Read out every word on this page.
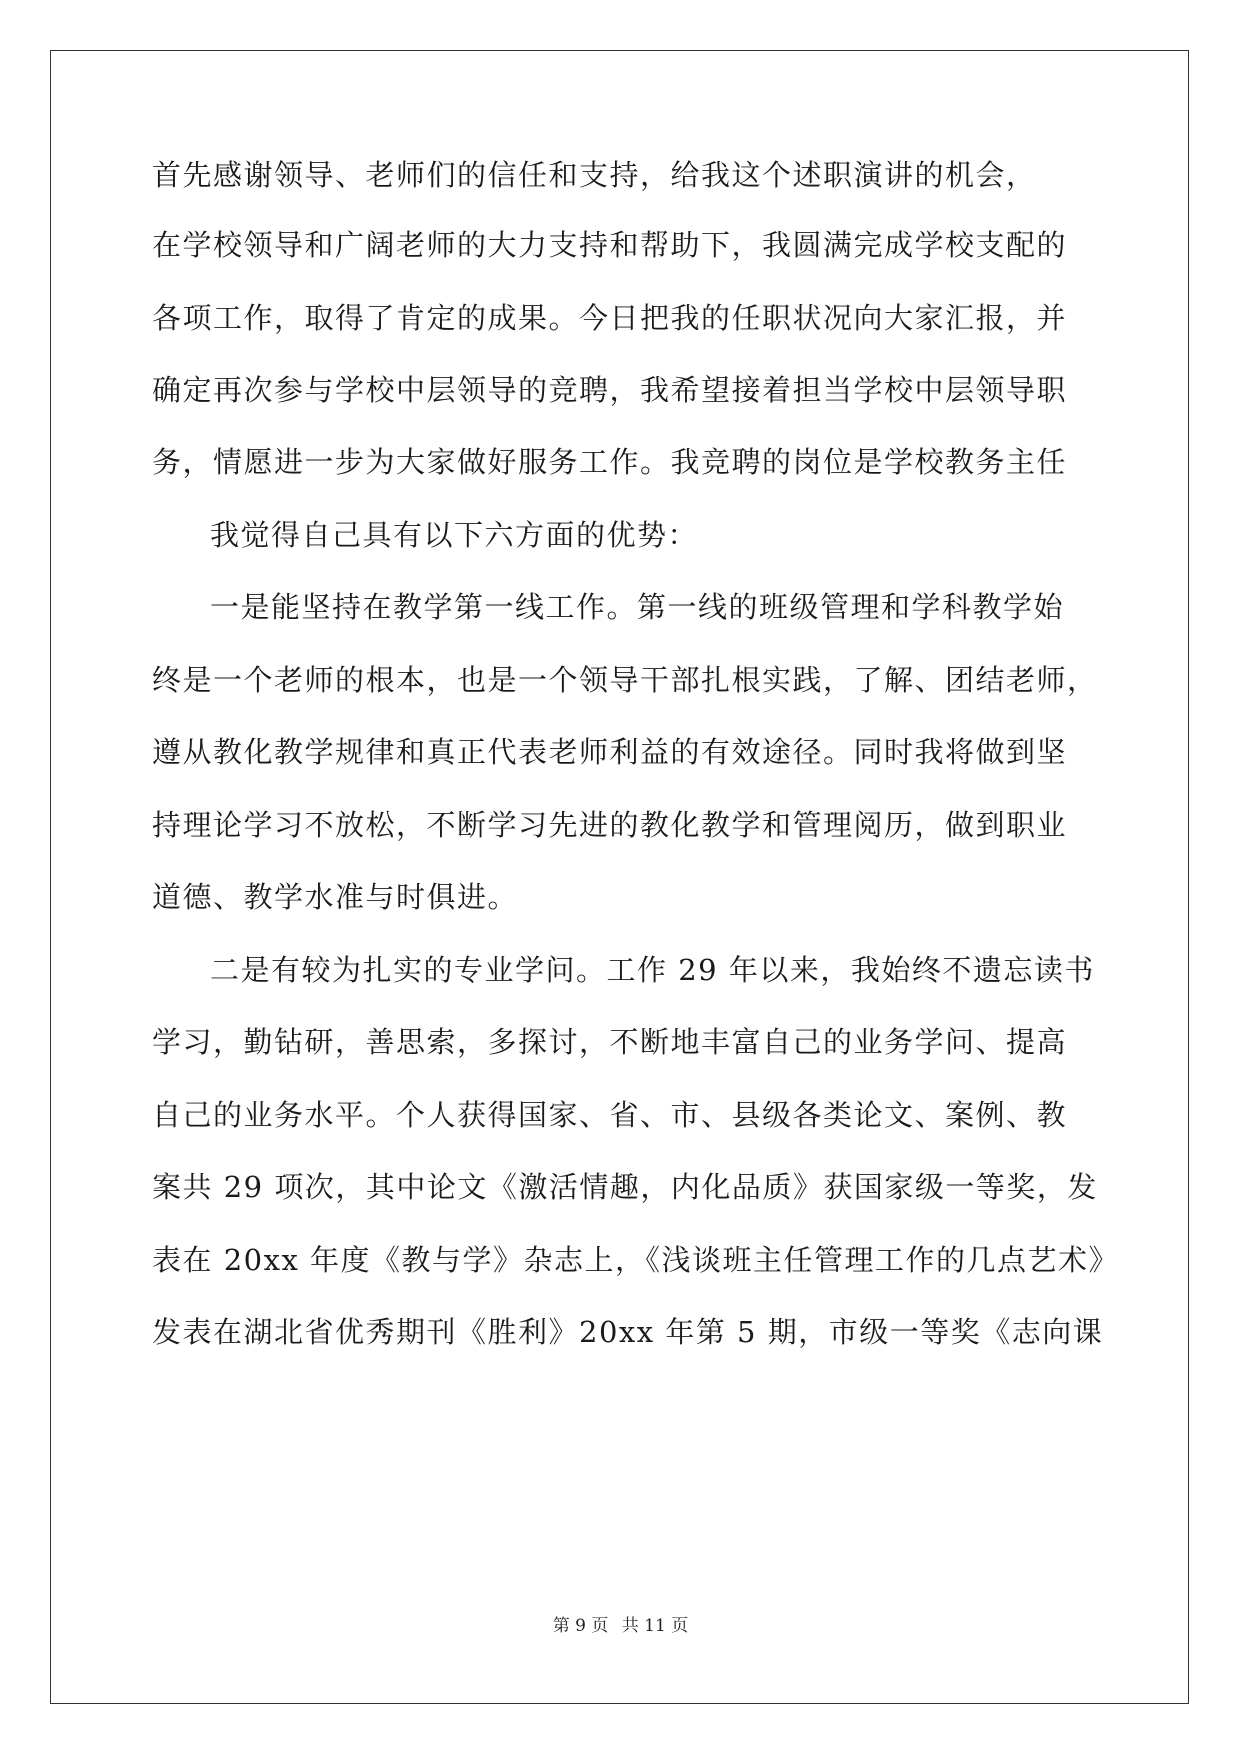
首先感谢领导、老师们的信任和支持，给我这个述职演讲的机会，
在学校领导和广阔老师的大力支持和帮助下，我圆满完成学校支配的
各项工作，取得了肯定的成果。今日把我的任职状况向大家汇报，并
确定再次参与学校中层领导的竞聘，我希望接着担当学校中层领导职
务，情愿进一步为大家做好服务工作。我竞聘的岗位是学校教务主任
我觉得自己具有以下六方面的优势：
一是能坚持在教学第一线工作。第一线的班级管理和学科教学始
终是一个老师的根本，也是一个领导干部扎根实践，了解、团结老师，
遵从教化教学规律和真正代表老师利益的有效途径。同时我将做到坚
持理论学习不放松，不断学习先进的教化教学和管理阅历，做到职业
道德、教学水准与时俱进。
二是有较为扎实的专业学问。工作 29 年以来，我始终不遗忘读书
学习，勤钻研，善思索，多探讨，不断地丰富自己的业务学问、提高
自己的业务水平。个人获得国家、省、市、县级各类论文、案例、教
案共 29 项次，其中论文《激活情趣，内化品质》获国家级一等奖，发
表在 20xx 年度《教与学》杂志上，《浅谈班主任管理工作的几点艺术》
发表在湖北省优秀期刊《胜利》20xx 年第 5 期，市级一等奖《志向课
第 9 页 共 11 页
